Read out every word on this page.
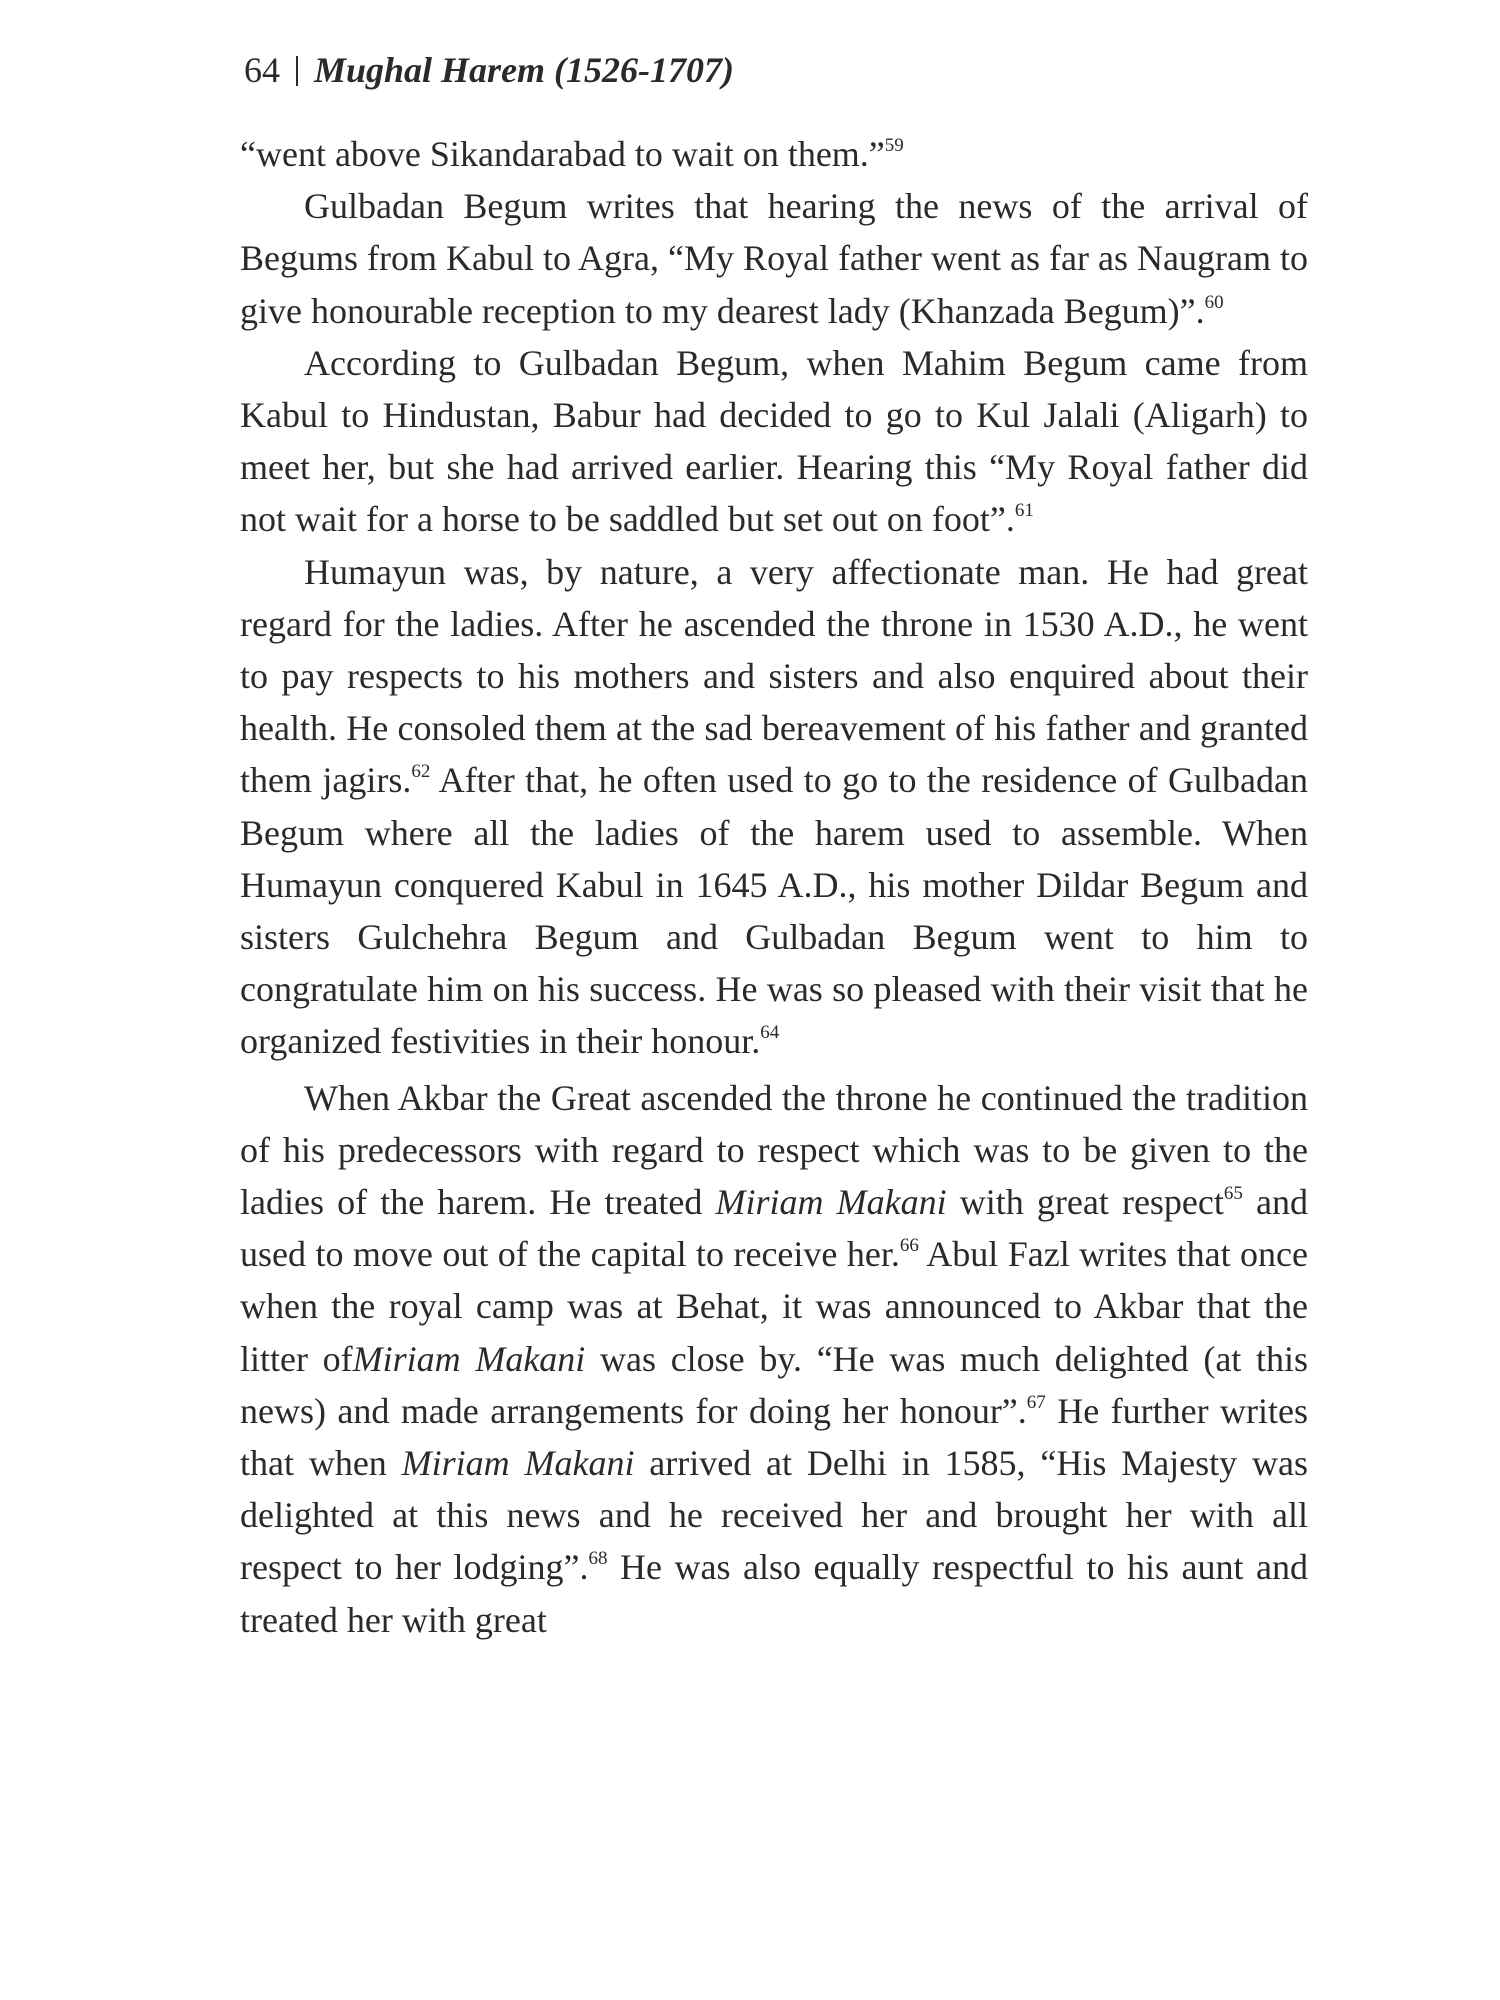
64 Mughal Harem (1526-1707)

“went above Sikandarabad to wait on them.”$^{59}$

Gulbadan Begum writes that hearing the news of the arrival of Begums from Kabul to Agra, “My Royal father went as far as Naugram to give honourable reception to my dearest lady (Khanzada Begum)”.$^{60}$

According to Gulbadan Begum, when Mahim Begum came from Kabul to Hindustan, Babur had decided to go to Kul Jalali (Aligarh) to meet her, but she had arrived earlier. Hearing this “My Royal father did not wait for a horse to be saddled but set out on foot”.$^{61}$

Humayun was, by nature, a very affectionate man. He had great regard for the ladies. After he ascended the throne in 1530 A.D., he went to pay respects to his mothers and sisters and also enquired about their health. He consoled them at the sad bereavement of his father and granted them jagirs.$^{62}$ After that, he often used to go to the residence of Gulbadan Begum where all the ladies of the harem used to assemble. When Humayun conquered Kabul in 1645 A.D., his mother Dildar Begum and sisters Gulchehra Begum and Gulbadan Begum went to him to congratulate him on his success. He was so pleased with their visit that he organized festivities in their honour.$^{64}$

When Akbar the Great ascended the throne he continued the tradition of his predecessors with regard to respect which was to be given to the ladies of the harem. He treated Miriam Makani with great respect$^{65}$ and used to move out of the capital to receive her.$^{66}$ Abul Fazl writes that once when the royal camp was at Behat, it was announced to Akbar that the litter ofMiriam Makani was close by. “He was much delighted (at this news) and made arrangements for doing her honour”.$^{67}$ He further writes that when Miriam Makani arrived at Delhi in 1585, “His Majesty was delighted at this news and he received her and brought her with all respect to her lodging”.$^{68}$ He was also equally respectful to his aunt and treated her with great
